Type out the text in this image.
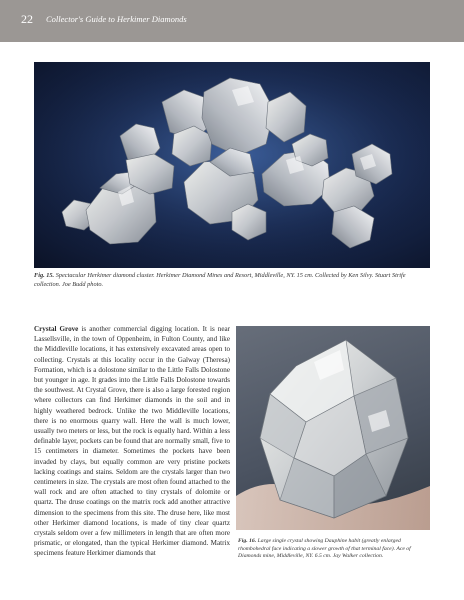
22 Collector's Guide to Herkimer Diamonds
Fig. 15. Spectacular Herkimer diamond cluster. Herkimer Diamond Mines and Resort, Middleville, NY. 15 cm. Collected by Ken Silvy. Stuart Strife collection. Joe Budd photo.
Crystal Grove is another commercial digging location. It is near Lassellsville, in the town of Oppenheim, in Fulton County, and like the Middleville locations, it has extensively excavated areas open to collecting. Crystals at this locality occur in the Galway (Theresa) Formation, which is a dolostone similar to the Little Falls Dolostone but younger in age. It grades into the Little Falls Dolostone towards the southwest. At Crystal Grove, there is also a large forested region where collectors can find Herkimer diamonds in the soil and in highly weathered bedrock. Unlike the two Middleville locations, there is no enormous quarry wall. Here the wall is much lower, usually two meters or less, but the rock is equally hard. Within a less definable layer, pockets can be found that are normally small, five to 15 centimeters in diameter. Sometimes the pockets have been invaded by clays, but equally common are very pristine pockets lacking coatings and stains. Seldom are the crystals larger than two centimeters in size. The crystals are most often found attached to the wall rock and are often attached to tiny crystals of dolomite or quartz. The druse coatings on the matrix rock add another attractive dimension to the specimens from this site. The druse here, like most other Herkimer diamond locations, is made of tiny clear quartz crystals seldom over a few millimeters in length that are often more prismatic, or elongated, than the typical Herkimer diamond. Matrix specimens feature Herkimer diamonds that
Fig. 16. Large single crystal showing Dauphine habit (greatly enlarged rhombohedral face indicating a slower growth of that terminal face). Ace of Diamonds mine, Middleville, NY. 6.5 cm. Jay Walker collection.
